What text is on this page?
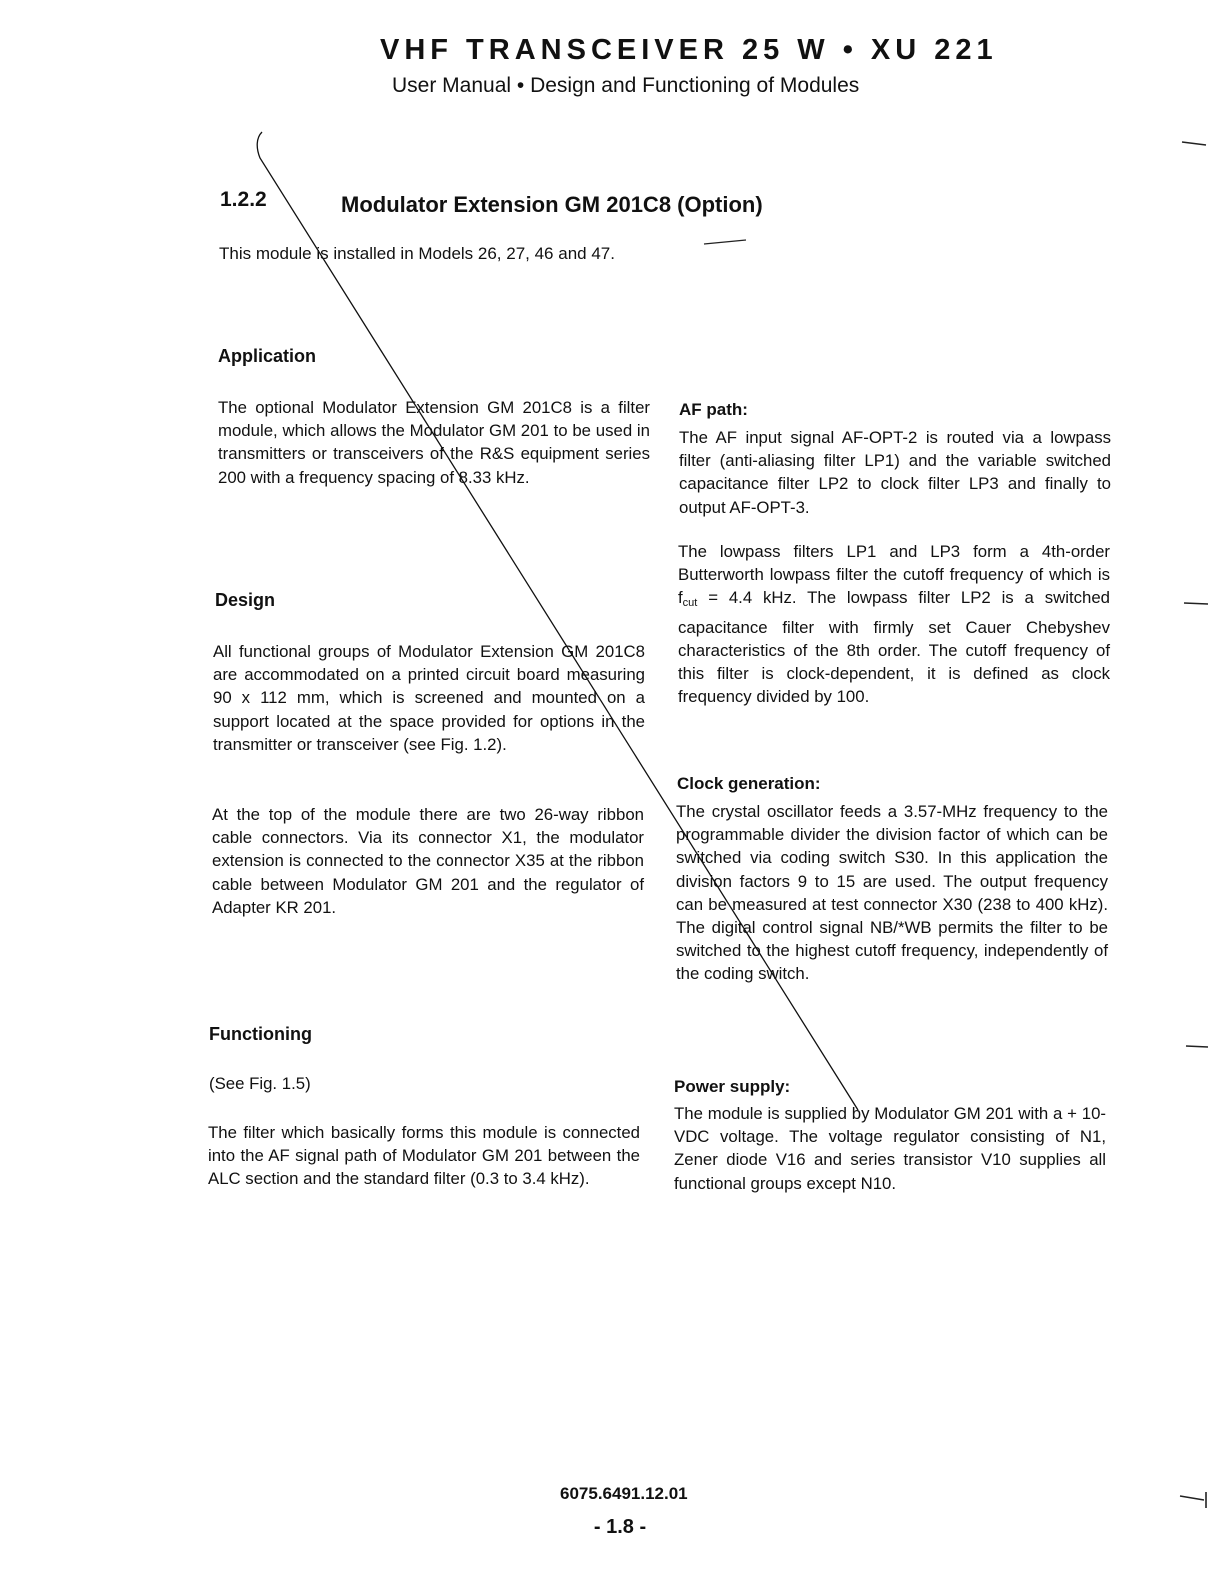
VHF TRANSCEIVER 25 W • XU 221
User Manual • Design and Functioning of Modules
1.2.2	Modulator Extension GM 201C8 (Option)
This module is installed in Models 26, 27, 46 and 47.
Application

The optional Modulator Extension GM 201C8 is a filter module, which allows the Modulator GM 201 to be used in transmitters or transceivers of the R&S equipment series 200 with a frequency spacing of 8.33 kHz.

Design

All functional groups of Modulator Extension GM 201C8 are accommodated on a printed circuit board measuring 90 x 112 mm, which is screened and mounted on a support located at the space provided for options in the transmitter or transceiver (see Fig. 1.2).

At the top of the module there are two 26-way ribbon cable connectors. Via its connector X1, the modulator extension is connected to the connector X35 at the ribbon cable between Modulator GM 201 and the regulator of Adapter KR 201.

Functioning
(See Fig. 1.5)

The filter which basically forms this module is connected into the AF signal path of Modulator GM 201 between the ALC section and the standard filter (0.3 to 3.4 kHz).

AF path:

The AF input signal AF-OPT-2 is routed via a lowpass filter (anti-aliasing filter LP1) and the variable switched capacitance filter LP2 to clock filter LP3 and finally to output AF-OPT-3.

The lowpass filters LP1 and LP3 form a 4th-order Butterworth lowpass filter the cutoff frequency of which is $f_{cut} = 4.4$ kHz. The lowpass filter LP2 is a switched capacitance filter with firmly set Cauer Chebyshev characteristics of the 8th order. The cutoff frequency of this filter is clock-dependent, it is defined as clock frequency divided by 100.

Clock generation:

The crystal oscillator feeds a 3.57-MHz frequency to the programmable divider the division factor of which can be switched via coding switch S30. In this application the division factors 9 to 15 are used. The output frequency can be measured at test connector X30 (238 to 400 kHz). The digital control signal NB/*WB permits the filter to be switched to the highest cutoff frequency, independently of the coding switch.

Power supply:

The module is supplied by Modulator GM 201 with a + 10-VDC voltage. The voltage regulator consisting of N1, Zener diode V16 and series transistor V10 supplies all functional groups except N10.

6075.6491.12.01
- 1.8 -
